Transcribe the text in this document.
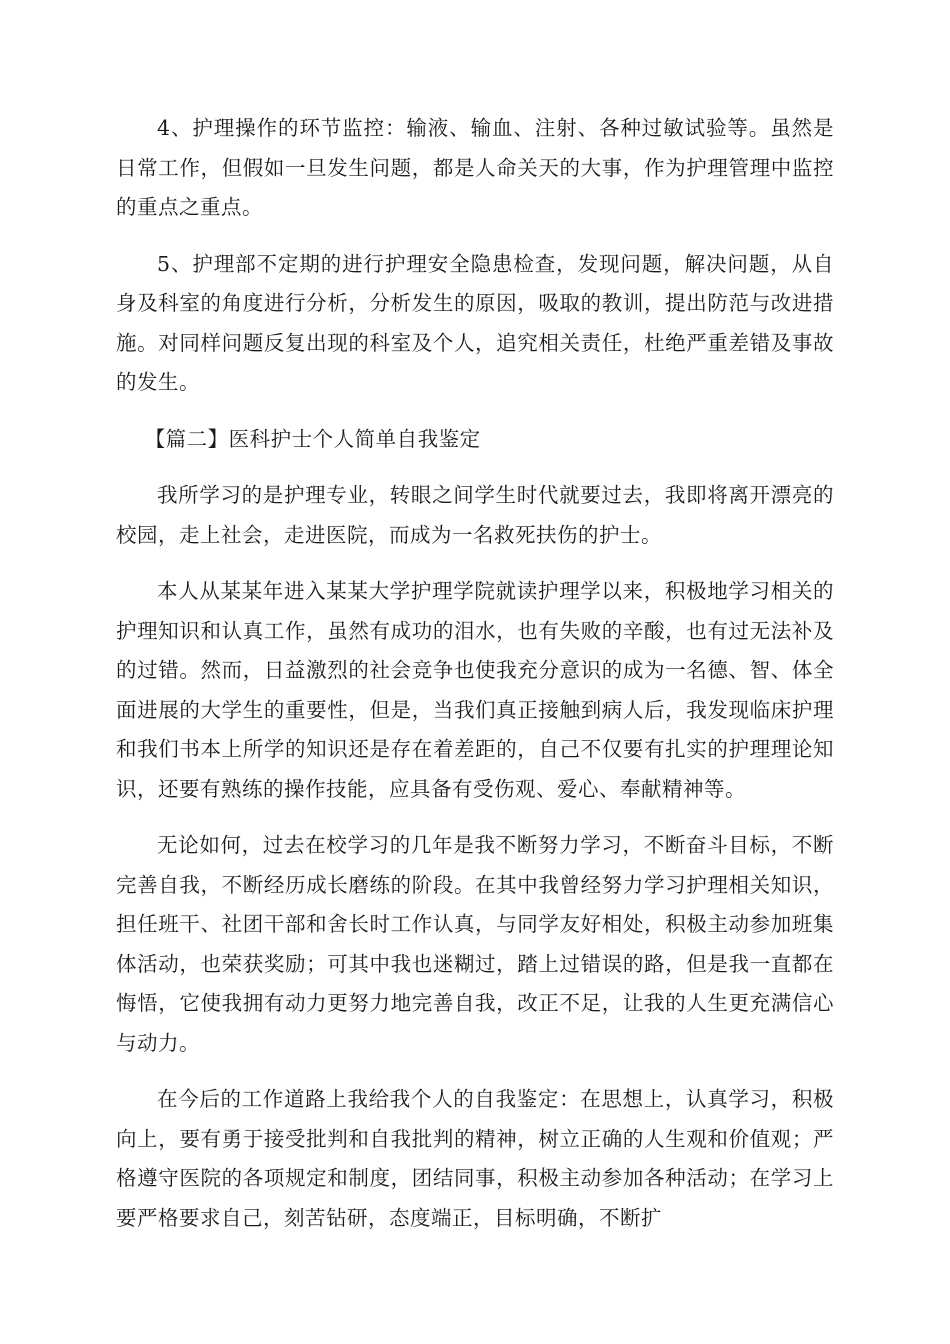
4、护理操作的环节监控：输液、输血、注射、各种过敏试验等。虽然是日常工作，但假如一旦发生问题，都是人命关天的大事，作为护理管理中监控的重点之重点。

5、护理部不定期的进行护理安全隐患检查，发现问题，解决问题，从自身及科室的角度进行分析，分析发生的原因，吸取的教训，提出防范与改进措施。对同样问题反复出现的科室及个人，追究相关责任，杜绝严重差错及事故的发生。

【篇二】医科护士个人简单自我鉴定

我所学习的是护理专业，转眼之间学生时代就要过去，我即将离开漂亮的校园，走上社会，走进医院，而成为一名救死扶伤的护士。

本人从某某年进入某某大学护理学院就读护理学以来，积极地学习相关的护理知识和认真工作，虽然有成功的泪水，也有失败的辛酸，也有过无法补及的过错。然而，日益激烈的社会竞争也使我充分意识的成为一名德、智、体全面进展的大学生的重要性，但是，当我们真正接触到病人后，我发现临床护理和我们书本上所学的知识还是存在着差距的，自己不仅要有扎实的护理理论知识，还要有熟练的操作技能，应具备有受伤观、爱心、奉献精神等。

无论如何，过去在校学习的几年是我不断努力学习，不断奋斗目标，不断完善自我，不断经历成长磨练的阶段。在其中我曾经努力学习护理相关知识，担任班干、社团干部和舍长时工作认真，与同学友好相处，积极主动参加班集体活动，也荣获奖励；可其中我也迷糊过，踏上过错误的路，但是我一直都在悔悟，它使我拥有动力更努力地完善自我，改正不足，让我的人生更充满信心与动力。

在今后的工作道路上我给我个人的自我鉴定：在思想上，认真学习，积极向上，要有勇于接受批判和自我批判的精神，树立正确的人生观和价值观；严格遵守医院的各项规定和制度，团结同事，积极主动参加各种活动；在学习上要严格要求自己，刻苦钻研，态度端正，目标明确，不断扩
